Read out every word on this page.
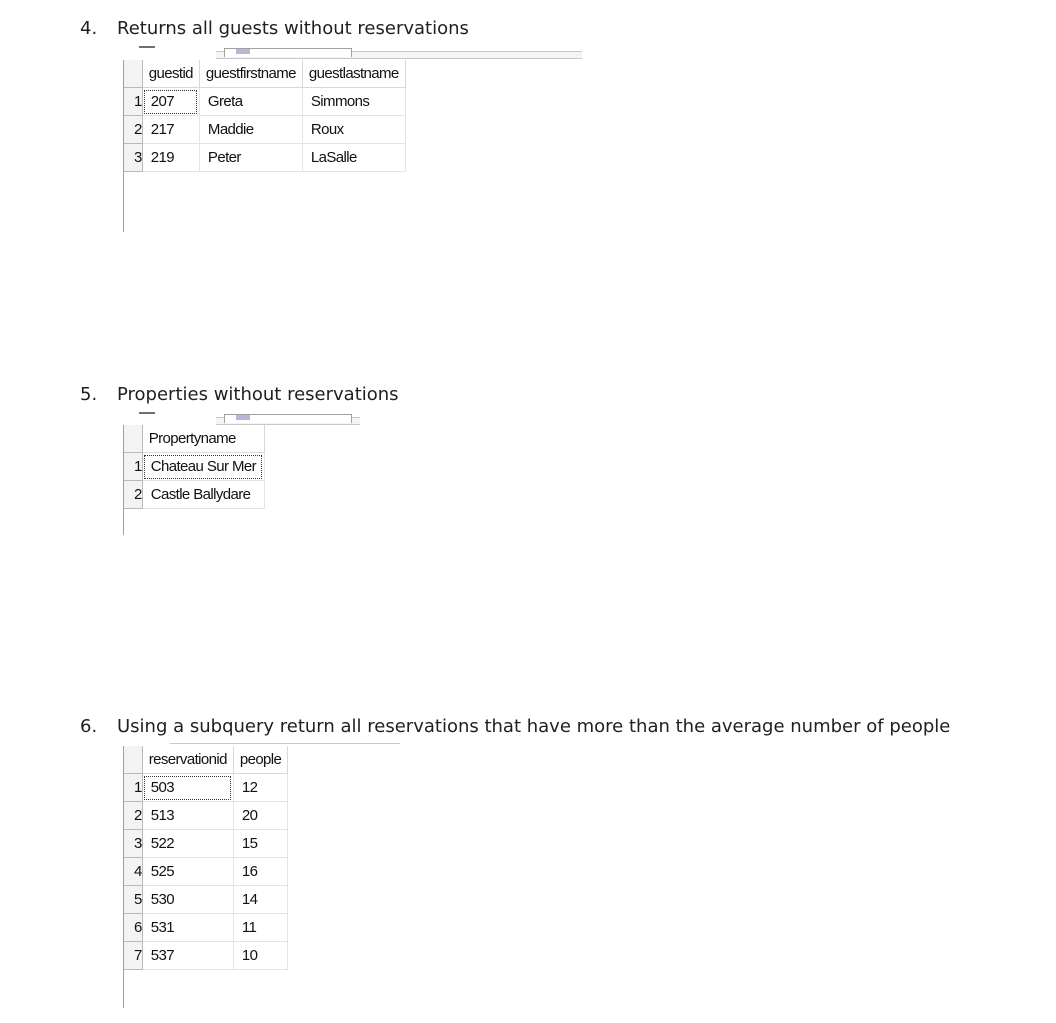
4. Returns all guests without reservations
	guestid	guestfirstname	guestlastname
1	207	Greta	Simmons
2	217	Maddie	Roux
3	219	Peter	LaSalle
5. Properties without reservations
	Propertyname
1	Chateau Sur Mer
2	Castle Ballydare
6. Using a subquery return all reservations that have more than the average number of people
	reservationid	people
1	503	12
2	513	20
3	522	15
4	525	16
5	530	14
6	531	11
7	537	10
